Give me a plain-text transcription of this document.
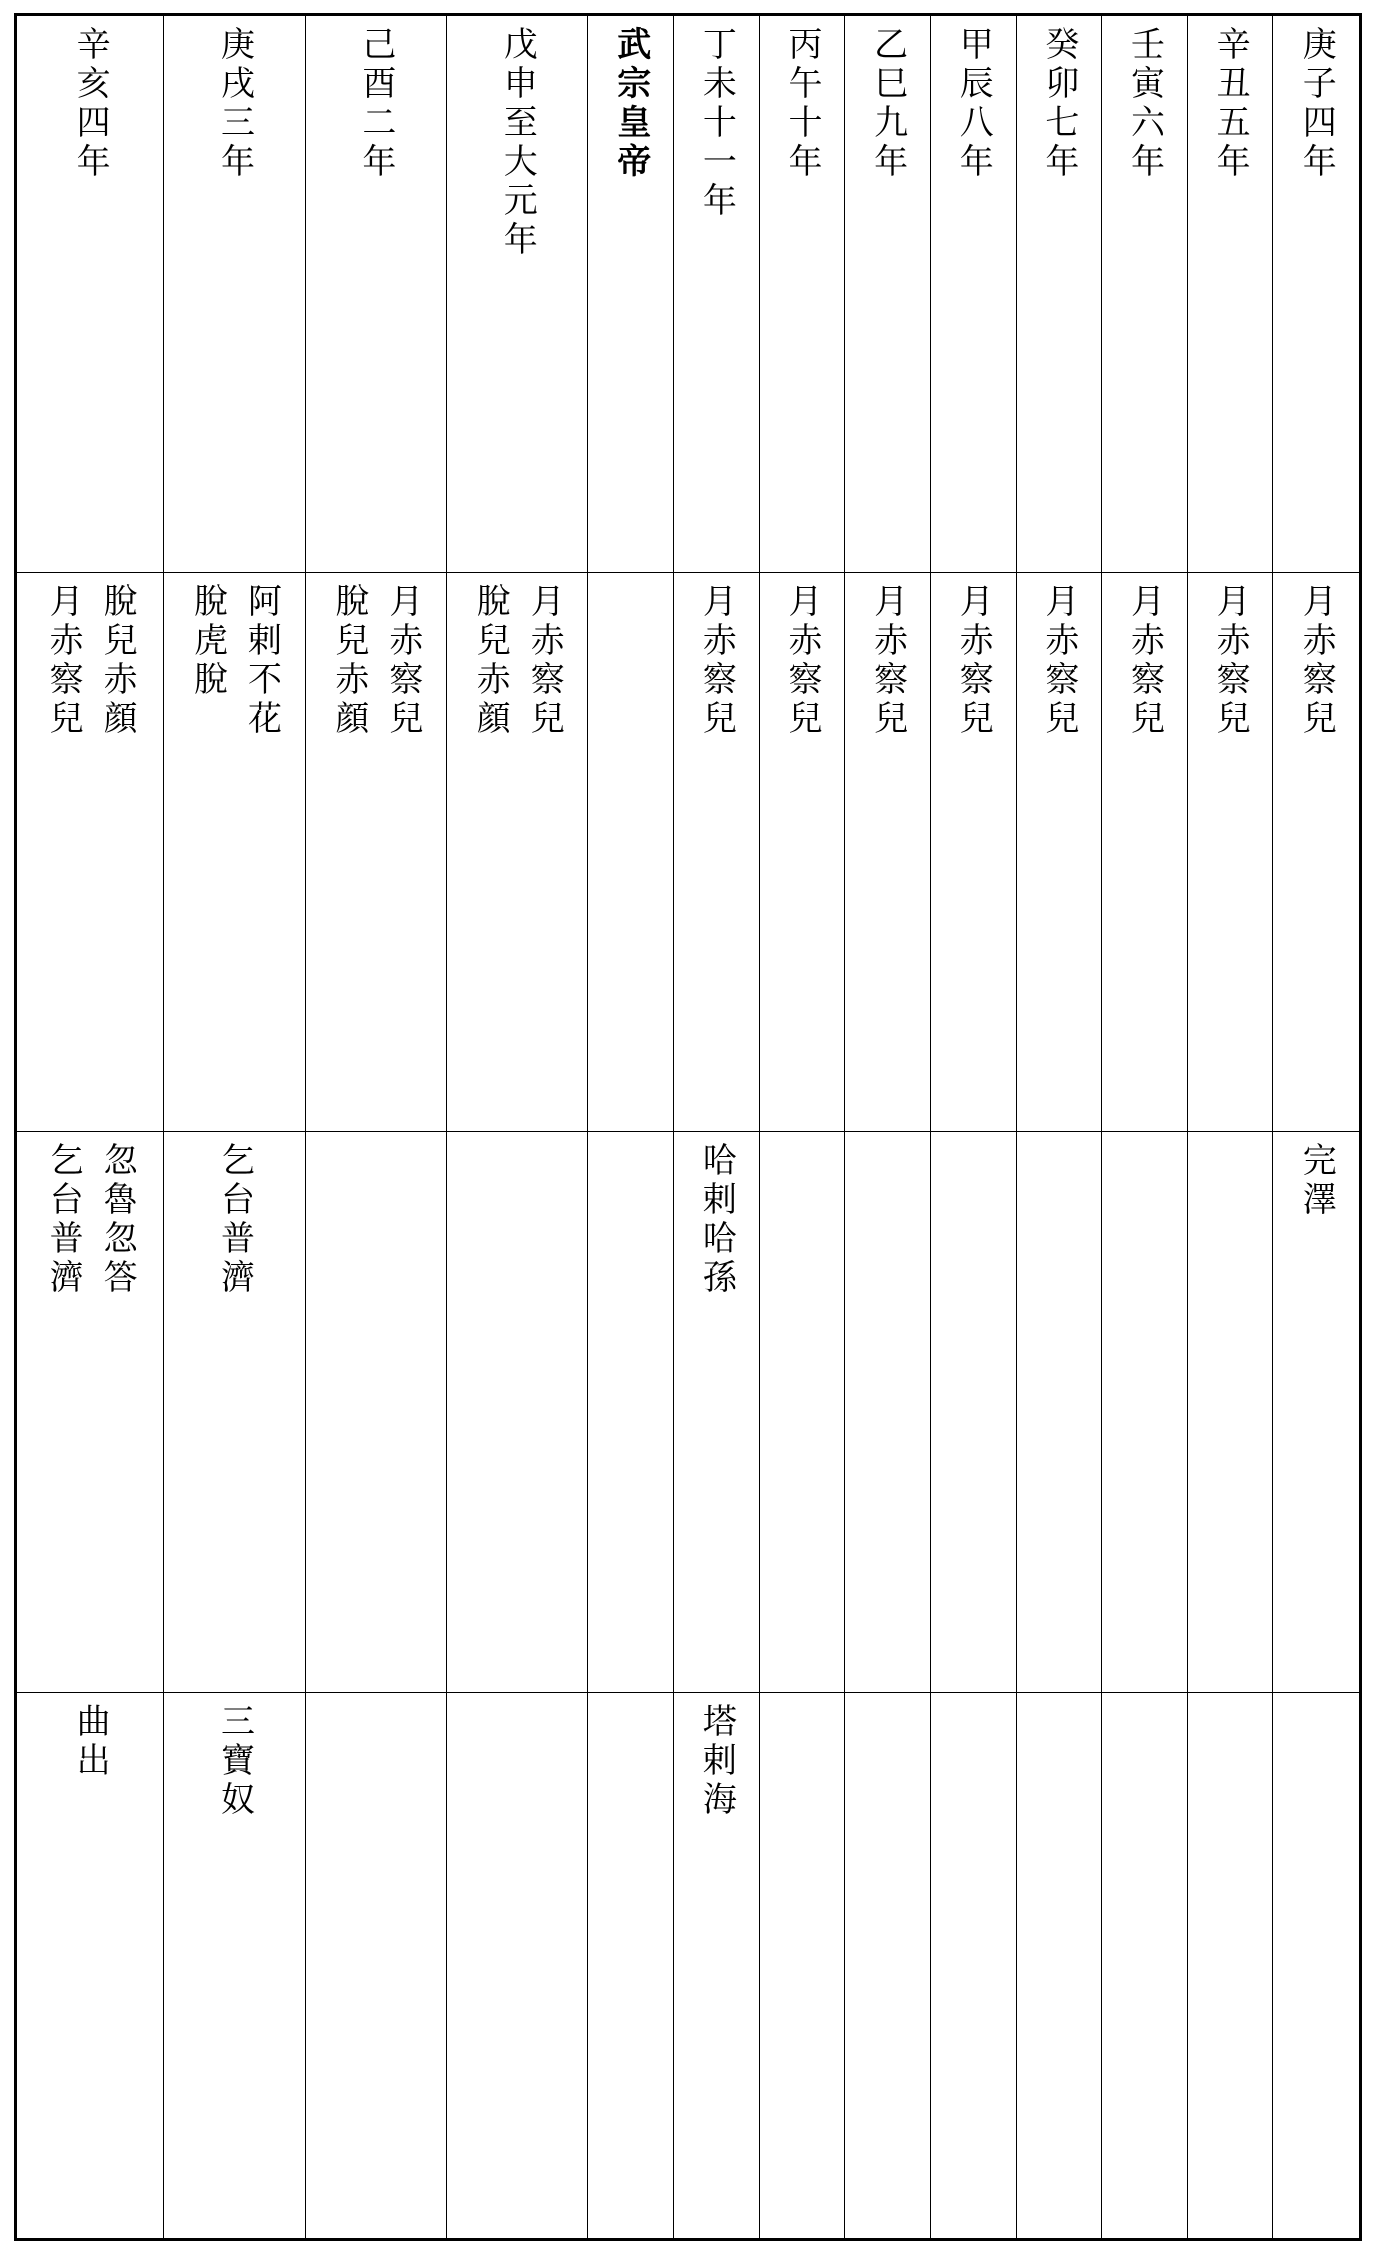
庚子四年
月赤察兒
完澤
辛丑五年
月赤察兒
壬寅六年
月赤察兒
癸卯七年
月赤察兒
甲辰八年
月赤察兒
乙巳九年
月赤察兒
丙午十年
月赤察兒
丁未十一年
月赤察兒
哈剌哈孫
塔剌海
武宗皇帝
戊申至大元年
月赤察兒
脫兒赤顔
己酉二年
月赤察兒
脫兒赤顔
庚戌三年
阿剌不花
脫虎脫
乞台普濟
三寶奴
辛亥四年
脫兒赤顔
月赤察兒
忽魯忽答
乞台普濟
曲出
